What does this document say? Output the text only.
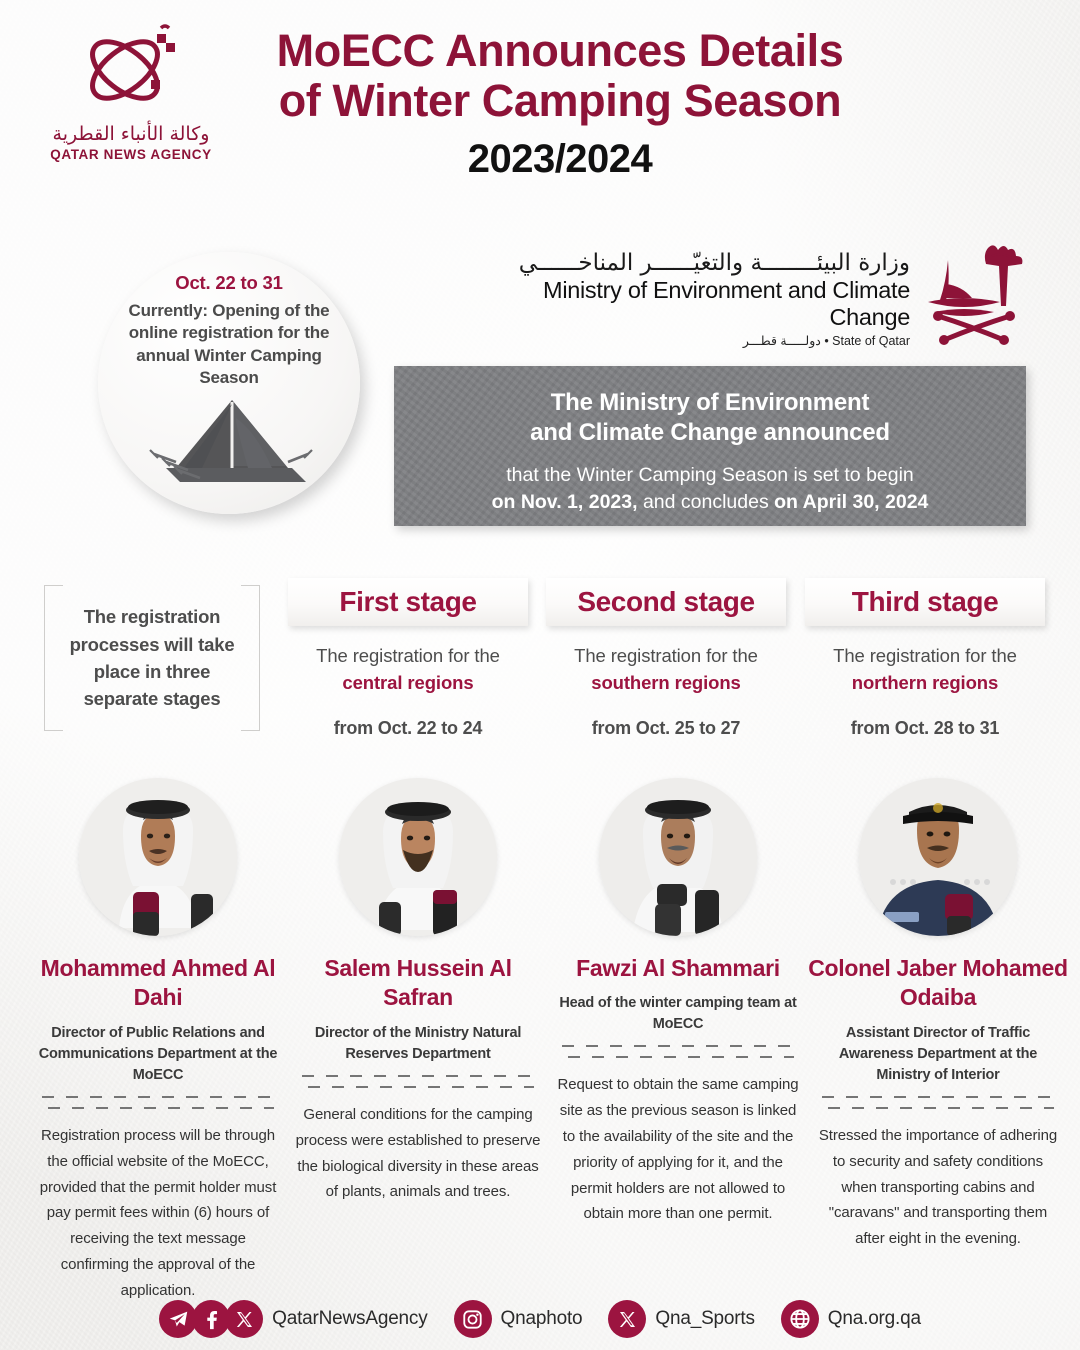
وكالة الأنباء القطرية
QATAR NEWS AGENCY
MoECC Announces Details
of Winter Camping Season
2023/2024
Oct. 22 to 31
Currently: Opening of the online registration for the annual Winter Camping Season
وزارة البيئــــــــة والتغيّــــــر المناخــــــي
Ministry of Environment and Climate Change
دولـــــة قطـــر • State of Qatar
The Ministry of Environment
and Climate Change announced
that the Winter Camping Season is set to begin
on Nov. 1, 2023, and concludes on April 30, 2024
The registration processes will take place in three separate stages
First stage
The registration for the central regions
from Oct. 22 to 24
Second stage
The registration for the southern regions
from Oct. 25 to 27
Third stage
The registration for the northern regions
from Oct. 28 to 31
Mohammed Ahmed Al Dahi
Director of Public Relations and Communications Department at the MoECC
Registration process will be through the official website of the MoECC, provided that the permit holder must pay permit fees within (6) hours of receiving the text message confirming the approval of the application.
Salem Hussein Al Safran
Director of the Ministry Natural Reserves Department
General conditions for the camping process were established to preserve the biological diversity in these areas of plants, animals and trees.
Fawzi Al Shammari
Head of the winter camping team at MoECC
Request to obtain the same camping site as the previous season is linked to the availability of the site and the priority of applying for it, and the permit holders are not allowed to obtain more than one permit.
Colonel Jaber Mohamed Odaiba
Assistant Director of Traffic Awareness Department at the Ministry of Interior
Stressed the importance of adhering to security and safety conditions when transporting cabins and "caravans" and transporting them after eight in the evening.
QatarNewsAgency	Qnaphoto	Qna_Sports	Qna.org.qa
